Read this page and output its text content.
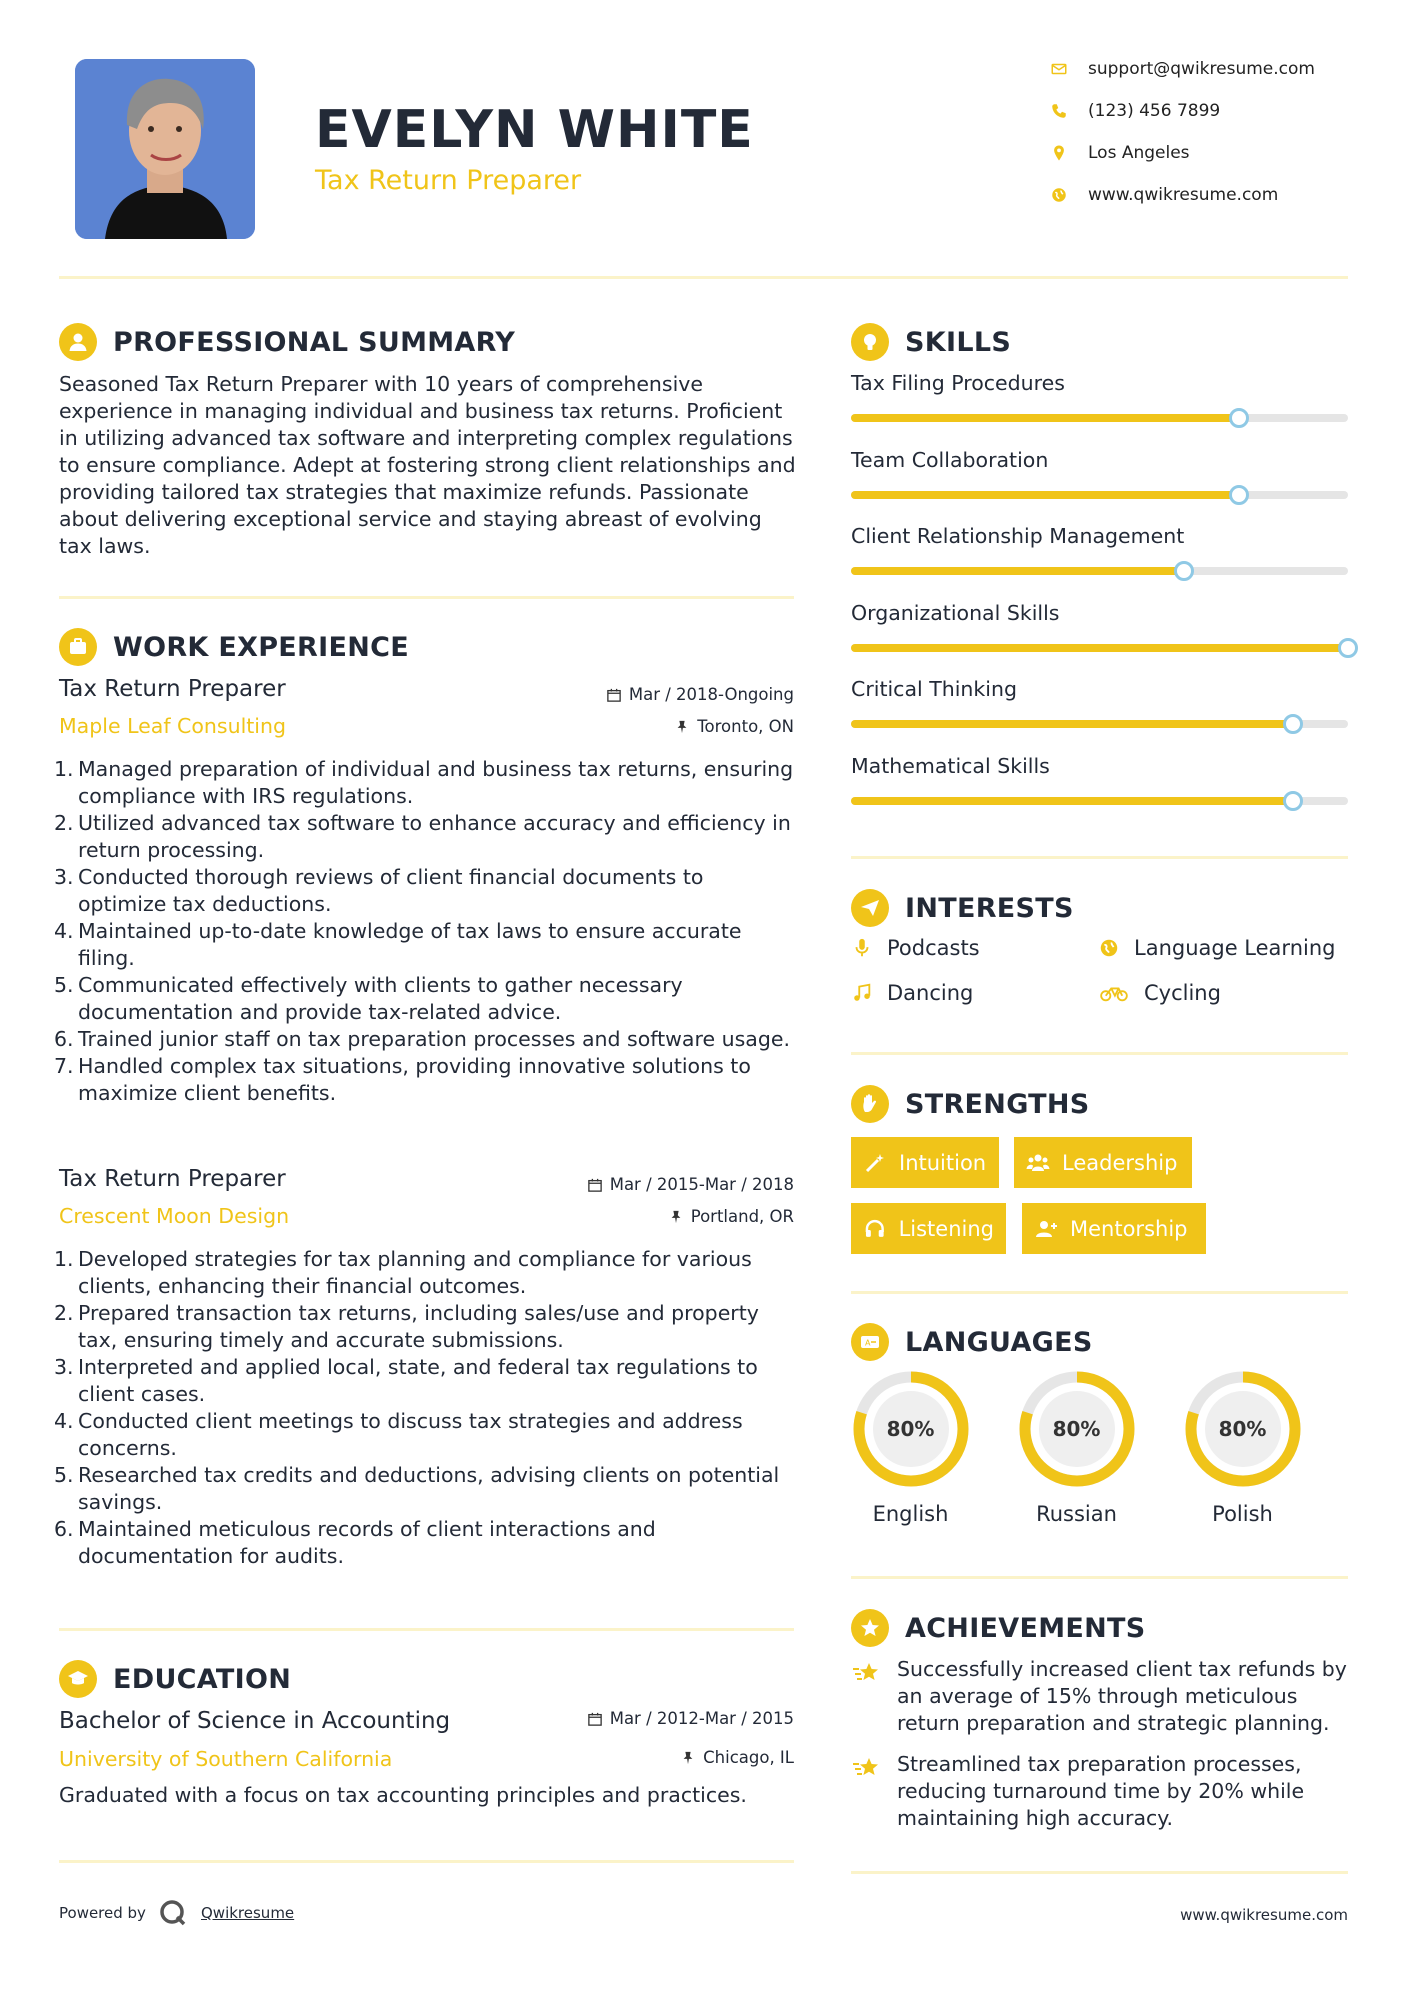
EVELYN WHITE
Tax Return Preparer
support@qwikresume.com
(123) 456 7899
Los Angeles
www.qwikresume.com
PROFESSIONAL SUMMARY
Seasoned Tax Return Preparer with 10 years of comprehensive experience in managing individual and business tax returns. Proficient in utilizing advanced tax software and interpreting complex regulations to ensure compliance. Adept at fostering strong client relationships and providing tailored tax strategies that maximize refunds. Passionate about delivering exceptional service and staying abreast of evolving tax laws.
WORK EXPERIENCE
Tax Return Preparer	Mar / 2018-Ongoing
Maple Leaf Consulting	Toronto, ON
1. Managed preparation of individual and business tax returns, ensuring compliance with IRS regulations.
2. Utilized advanced tax software to enhance accuracy and efficiency in return processing.
3. Conducted thorough reviews of client financial documents to optimize tax deductions.
4. Maintained up-to-date knowledge of tax laws to ensure accurate filing.
5. Communicated effectively with clients to gather necessary documentation and provide tax-related advice.
6. Trained junior staff on tax preparation processes and software usage.
7. Handled complex tax situations, providing innovative solutions to maximize client benefits.
Tax Return Preparer	Mar / 2015-Mar / 2018
Crescent Moon Design	Portland, OR
1. Developed strategies for tax planning and compliance for various clients, enhancing their financial outcomes.
2. Prepared transaction tax returns, including sales/use and property tax, ensuring timely and accurate submissions.
3. Interpreted and applied local, state, and federal tax regulations to client cases.
4. Conducted client meetings to discuss tax strategies and address concerns.
5. Researched tax credits and deductions, advising clients on potential savings.
6. Maintained meticulous records of client interactions and documentation for audits.
EDUCATION
Bachelor of Science in Accounting	Mar / 2012-Mar / 2015
University of Southern California	Chicago, IL
Graduated with a focus on tax accounting principles and practices.
SKILLS
Tax Filing Procedures
Team Collaboration
Client Relationship Management
Organizational Skills
Critical Thinking
Mathematical Skills
INTERESTS
Podcasts	Language Learning
Dancing	Cycling
STRENGTHS
Intuition	Leadership
Listening	Mentorship
A LANGUAGES
80%
English
80%
Russian
80%
Polish
ACHIEVEMENTS
Successfully increased client tax refunds by an average of 15% through meticulous return preparation and strategic planning.
Streamlined tax preparation processes, reducing turnaround time by 20% while maintaining high accuracy.
Powered by	Qwikresume	www.qwikresume.com
